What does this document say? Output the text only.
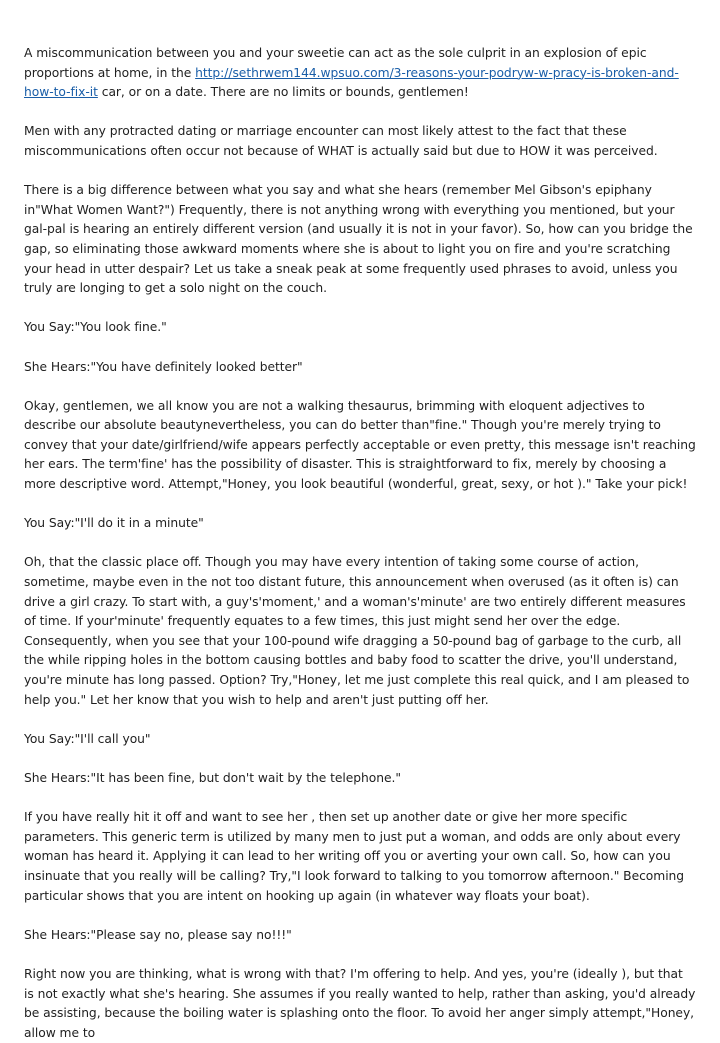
A miscommunication between you and your sweetie can act as the sole culprit in an explosion of epic proportions at home, in the http://sethrwem144.wpsuo.com/3-reasons-your-podryw-w-pracy-is-broken-and-how-to-fix-it car, or on a date. There are no limits or bounds, gentlemen!

Men with any protracted dating or marriage encounter can most likely attest to the fact that these miscommunications often occur not because of WHAT is actually said but due to HOW it was perceived.

There is a big difference between what you say and what she hears (remember Mel Gibson's epiphany in"What Women Want?") Frequently, there is not anything wrong with everything you mentioned, but your gal-pal is hearing an entirely different version (and usually it is not in your favor). So, how can you bridge the gap, so eliminating those awkward moments where she is about to light you on fire and you're scratching your head in utter despair? Let us take a sneak peak at some frequently used phrases to avoid, unless you truly are longing to get a solo night on the couch.

You Say:"You look fine."

She Hears:"You have definitely looked better"

Okay, gentlemen, we all know you are not a walking thesaurus, brimming with eloquent adjectives to describe our absolute beautynevertheless, you can do better than"fine." Though you're merely trying to convey that your date/girlfriend/wife appears perfectly acceptable or even pretty, this message isn't reaching her ears. The term'fine' has the possibility of disaster. This is straightforward to fix, merely by choosing a more descriptive word. Attempt,"Honey, you look beautiful (wonderful, great, sexy, or hot )." Take your pick!

You Say:"I'll do it in a minute"

Oh, that the classic place off. Though you may have every intention of taking some course of action, sometime, maybe even in the not too distant future, this announcement when overused (as it often is) can drive a girl crazy. To start with, a guy's'moment,' and a woman's'minute' are two entirely different measures of time. If your'minute' frequently equates to a few times, this just might send her over the edge. Consequently, when you see that your 100-pound wife dragging a 50-pound bag of garbage to the curb, all the while ripping holes in the bottom causing bottles and baby food to scatter the drive, you'll understand, you're minute has long passed. Option? Try,"Honey, let me just complete this real quick, and I am pleased to help you." Let her know that you wish to help and aren't just putting off her.

You Say:"I'll call you"

She Hears:"It has been fine, but don't wait by the telephone."

If you have really hit it off and want to see her , then set up another date or give her more specific parameters. This generic term is utilized by many men to just put a woman, and odds are only about every woman has heard it. Applying it can lead to her writing off you or averting your own call. So, how can you insinuate that you really will be calling? Try,"I look forward to talking to you tomorrow afternoon." Becoming particular shows that you are intent on hooking up again (in whatever way floats your boat).

She Hears:"Please say no, please say no!!!"

Right now you are thinking, what is wrong with that? I'm offering to help. And yes, you're (ideally ), but that is not exactly what she's hearing. She assumes if you really wanted to help, rather than asking, you'd already be assisting, because the boiling water is splashing onto the floor. To avoid her anger simply attempt,"Honey, allow me to
